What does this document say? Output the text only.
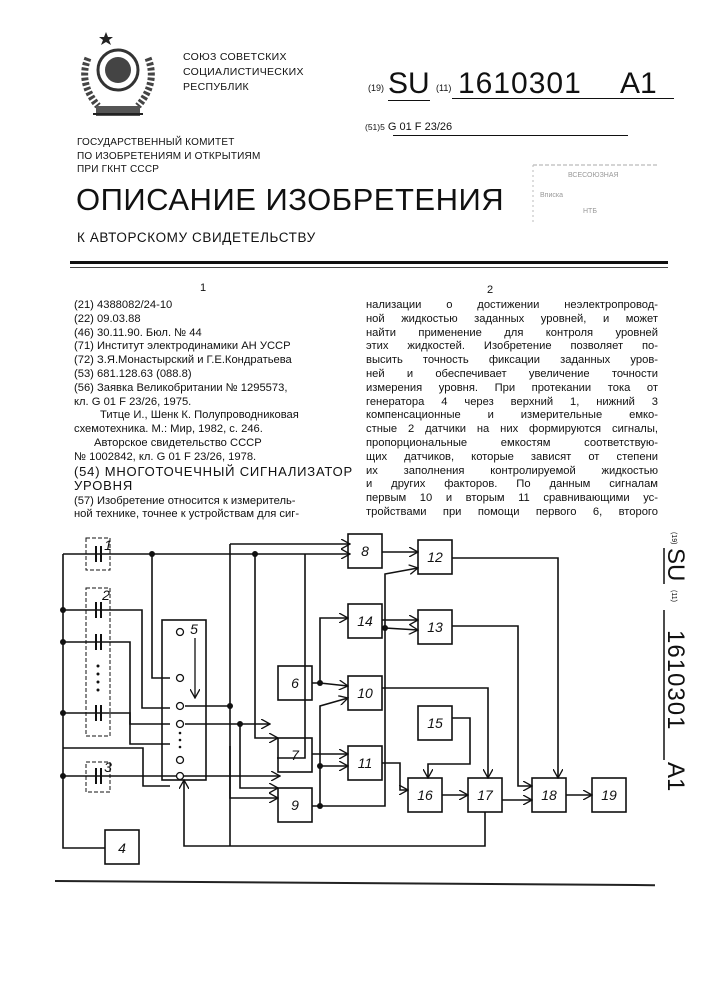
СОЮЗ СОВЕТСКИХ
СОЦИАЛИСТИЧЕСКИХ
РЕСПУБЛИК	(19) SU (11) 1610301 A1
(51)5 G 01 F 23/26
ГОСУДАРСТВЕННЫЙ КОМИТЕТ
ПО ИЗОБРЕТЕНИЯМ И ОТКРЫТИЯМ
ПРИ ГКНТ СССР
ВСЕСОЮЗНАЯ
Вписка
НТБ
ОПИСАНИЕ ИЗОБРЕТЕНИЯ
К АВТОРСКОМУ СВИДЕТЕЛЬСТВУ
1	2
(21) 4388082/24-10
(22) 09.03.88
(46) 30.11.90. Бюл. № 44
(71) Институт электродинамики АН УССР
(72) З.Я.Монастырский и Г.Е.Кондратьева
(53) 681.128.63 (088.8)
(56) Заявка Великобритании № 1295573,
кл. G 01 F 23/26, 1975.
Титце И., Шенк К. Полупроводниковая
схемотехника. М.: Мир, 1982, с. 246.
Авторское свидетельство СССР
№ 1002842, кл. G 01 F 23/26, 1978.
(54) МНОГОТОЧЕЧНЫЙ СИГНАЛИЗАТОР
УРОВНЯ
(57) Изобретение относится к измеритель-
ной технике, точнее к устройствам для сиг-
нализации о достижении неэлектропровод-
ной жидкостью заданных уровней, и может
найти применение для контроля уровней
этих жидкостей. Изобретение позволяет по-
высить точность фиксации заданных уров-
ней и обеспечивает увеличение точности
измерения уровня. При протекании тока от
генератора 4 через верхний 1, нижний 3
компенсационные и измерительные емко-
стные 2 датчики на них формируются сигналы,
пропорциональные емкостям соответствую-
щих датчиков, которые зависят от степени
их заполнения контролируемой жидкостью
и других факторов. По данным сигналам
первым 10 и вторым 11 сравнивающими ус-
тройствами при помощи первого 6, второго
(19)
SU
(11)
1610301
A1
1
2
3
4
5
6
7
8
9
10
11
12
13
14
15
16	17	18	19
